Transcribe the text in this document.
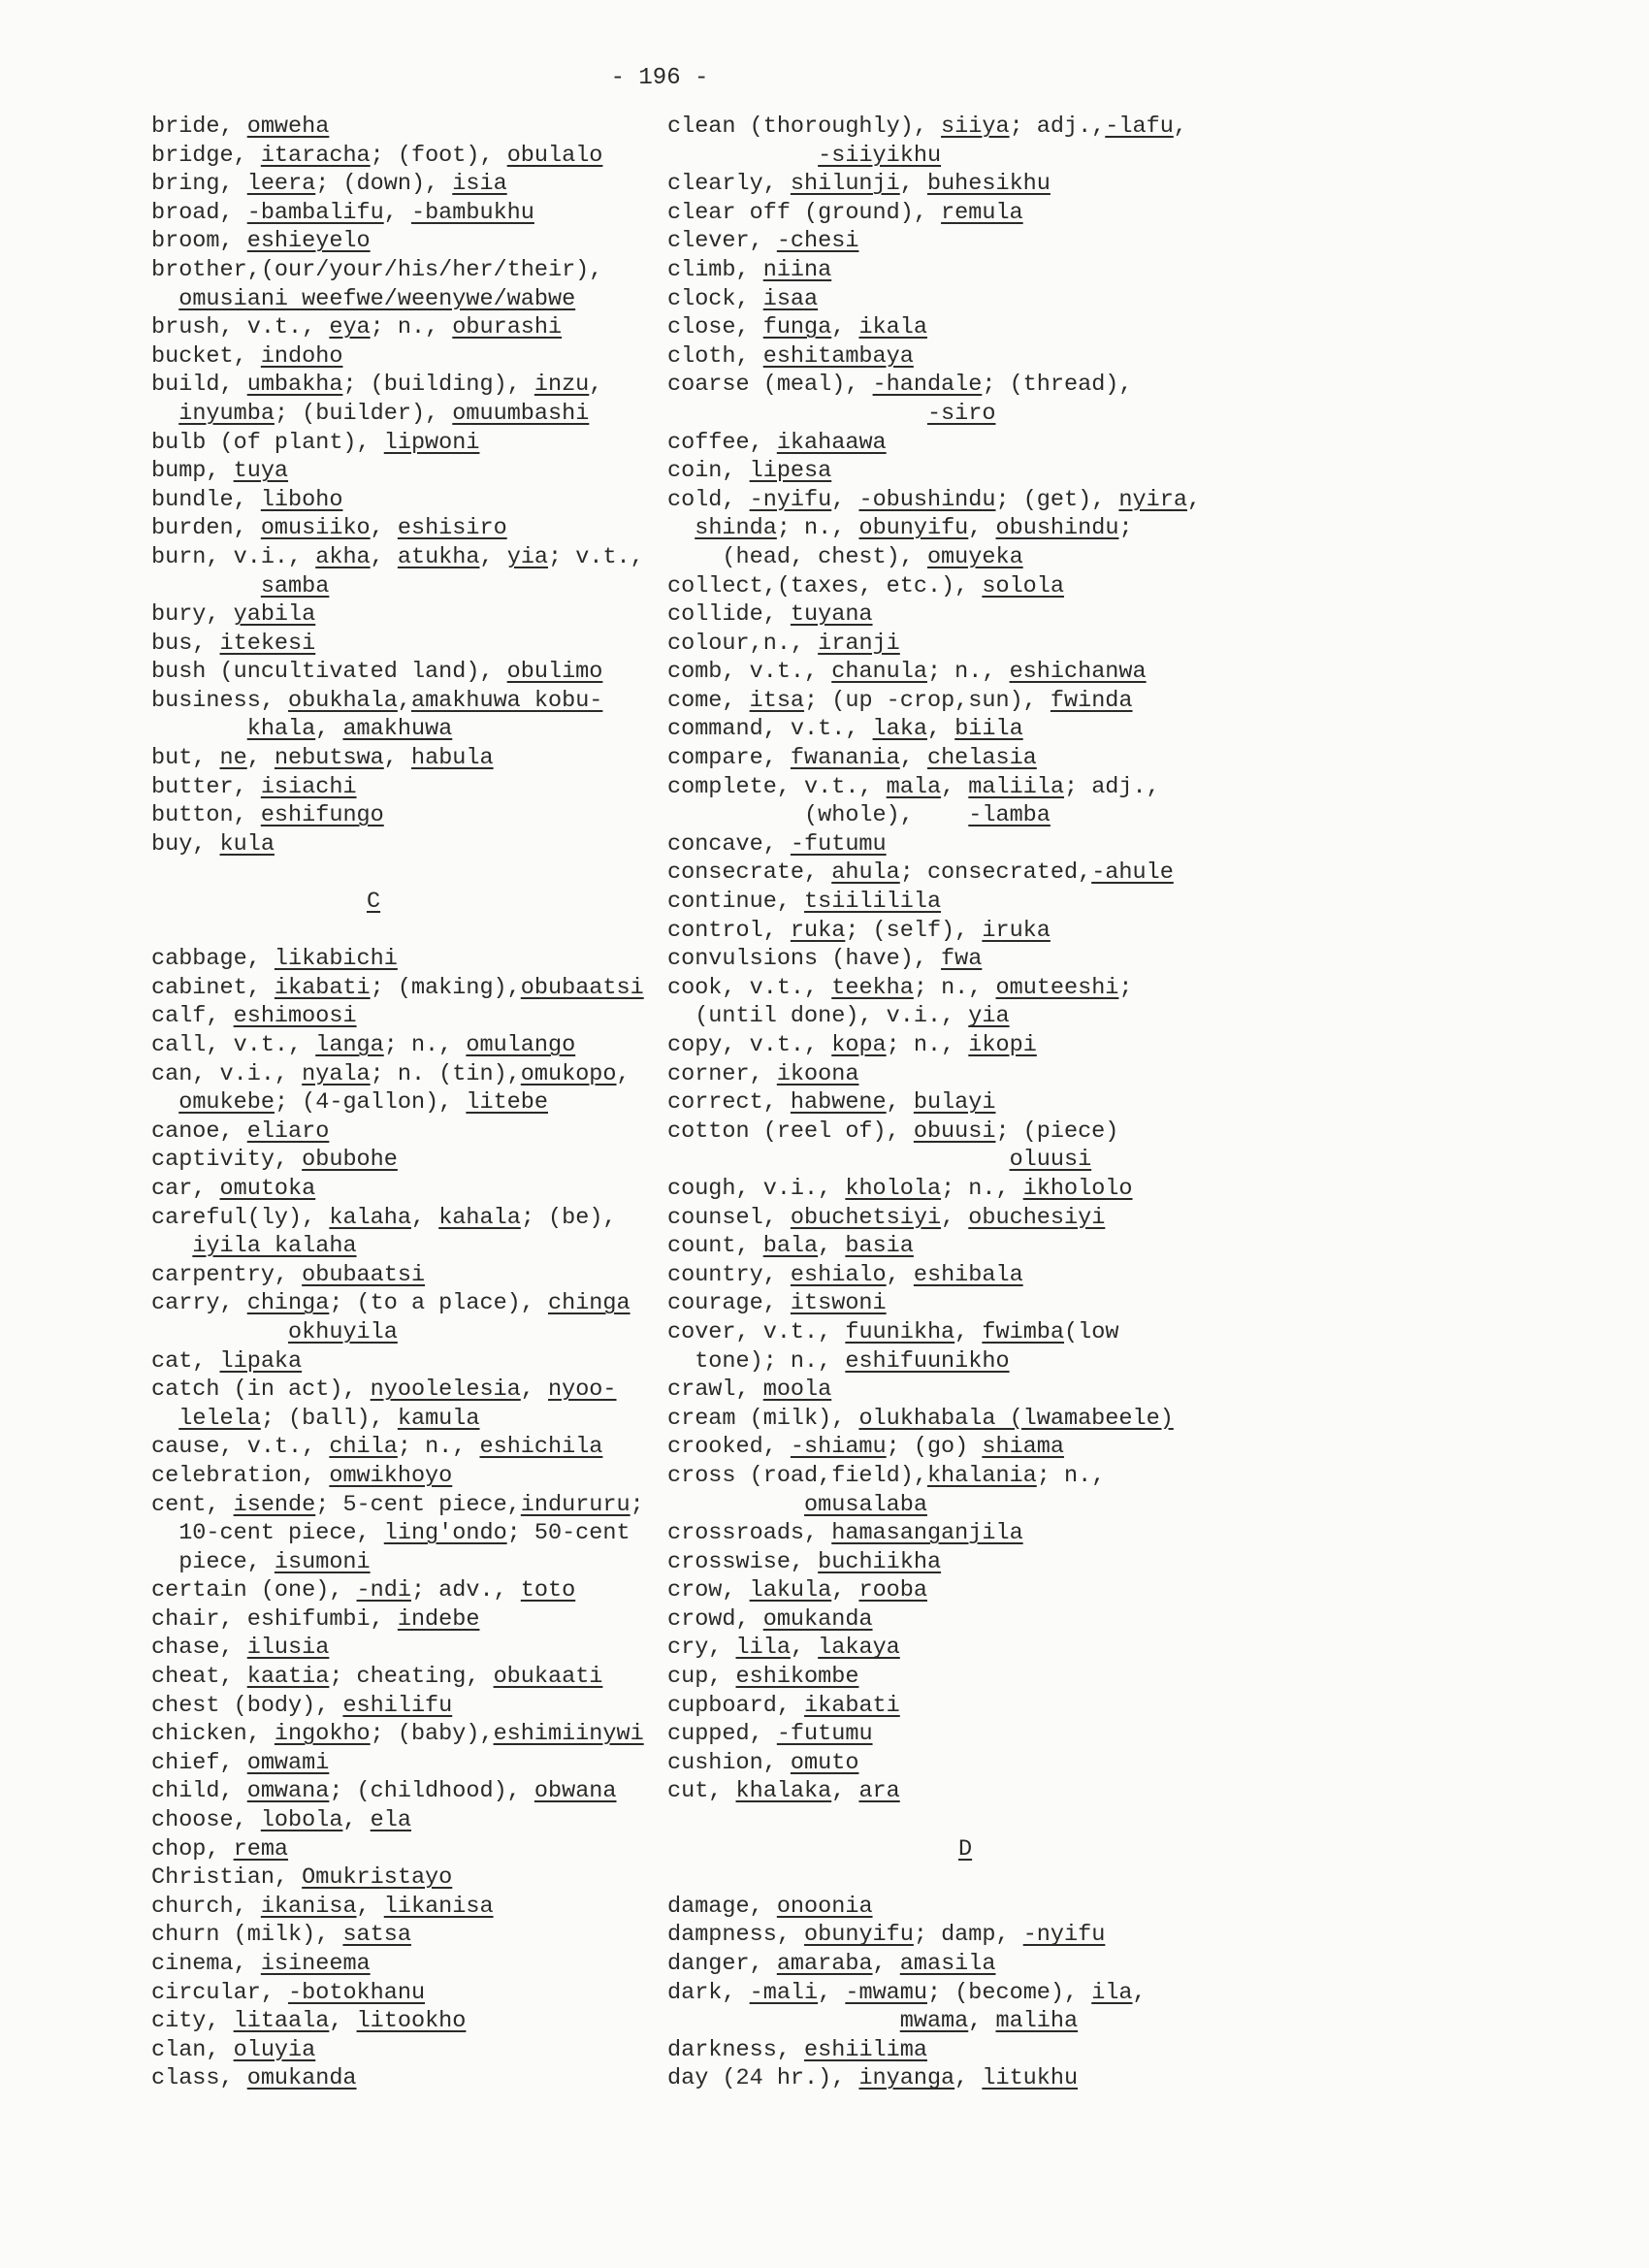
- 196 -
bride, omweha
bridge, itaracha; (foot), obulalo
bring, leera; (down), isia
broad, -bambalifu, -bambukhu
broom, eshieyelo
brother,(our/your/his/her/their),
omusiani weefwe/weenywe/wabwe
brush, v.t., eya; n., oburashi
bucket, indoho
build, umbakha; (building), inzu,
inyumba; (builder), omuumbashi
bulb (of plant), lipwoni
bump, tuya
bundle, liboho
burden, omusiiko, eshisiro
burn, v.i., akha, atukha, yia; v.t.,
samba
bury, yabila
bus, itekesi
bush (uncultivated land), obulimo
business, obukhala,amakhuwa kobu-
khala, amakhuwa
but, ne, nebutswa, habula
butter, isiachi
button, eshifungo
buy, kula
C
cabbage, likabichi
cabinet, ikabati; (making),obubaatsi
calf, eshimoosi
call, v.t., langa; n., omulango
can, v.i., nyala; n. (tin),omukopo,
omukebe; (4-gallon), litebe
canoe, eliaro
captivity, obubohe
car, omutoka
careful(ly), kalaha, kahala; (be),
iyila kalaha
carpentry, obubaatsi
carry, chinga; (to a place), chinga
okhuyila
cat, lipaka
catch (in act), nyoolelesia, nyoo-
lelela; (ball), kamula
cause, v.t., chila; n., eshichila
celebration, omwikhoyo
cent, isende; 5-cent piece,indururu;
10-cent piece, ling'ondo; 50-cent
piece, isumoni
certain (one), -ndi; adv., toto
chair, eshifumbi, indebe
chase, ilusia
cheat, kaatia; cheating, obukaati
chest (body), eshilifu
chicken, ingokho; (baby),eshimiinywi
chief, omwami
child, omwana; (childhood), obwana
choose, lobola, ela
chop, rema
Christian, Omukristayo
church, ikanisa, likanisa
churn (milk), satsa
cinema, isineema
circular, -botokhanu
city, litaala, litookho
clan, oluyia
class, omukanda
clean (thoroughly), siiya; adj.,-lafu,
-siiyikhu
clearly, shilunji, buhesikhu
clear off (ground), remula
clever, -chesi
climb, niina
clock, isaa
close, funga, ikala
cloth, eshitambaya
coarse (meal), -handale; (thread),
-siro
coffee, ikahaawa
coin, lipesa
cold, -nyifu, -obushindu; (get), nyira,
shinda; n., obunyifu, obushindu;
(head, chest), omuyeka
collect,(taxes, etc.), solola
collide, tuyana
colour,n., iranji
comb, v.t., chanula; n., eshichanwa
come, itsa; (up -crop,sun), fwinda
command, v.t., laka, biila
compare, fwanania, chelasia
complete, v.t., mala, maliila; adj.,
(whole),    -lamba
concave, -futumu
consecrate, ahula; consecrated,-ahule
continue, tsiililila
control, ruka; (self), iruka
convulsions (have), fwa
cook, v.t., teekha; n., omuteeshi;
(until done), v.i., yia
copy, v.t., kopa; n., ikopi
corner, ikoona
correct, habwene, bulayi
cotton (reel of), obuusi; (piece)
oluusi
cough, v.i., kholola; n., ikhololo
counsel, obuchetsiyi, obuchesiyi
count, bala, basia
country, eshialo, eshibala
courage, itswoni
cover, v.t., fuunikha, fwimba(low
tone); n., eshifuunikho
crawl, moola
cream (milk), olukhabala (lwamabeele)
crooked, -shiamu; (go) shiama
cross (road,field),khalania; n.,
omusalaba
crossroads, hamasanganjila
crosswise, buchiikha
crow, lakula, rooba
crowd, omukanda
cry, lila, lakaya
cup, eshikombe
cupboard, ikabati
cupped, -futumu
cushion, omuto
cut, khalaka, ara
D
damage, onoonia
dampness, obunyifu; damp, -nyifu
danger, amaraba, amasila
dark, -mali, -mwamu; (become), ila,
mwama, maliha
darkness, eshiilima
day (24 hr.), inyanga, litukhu
